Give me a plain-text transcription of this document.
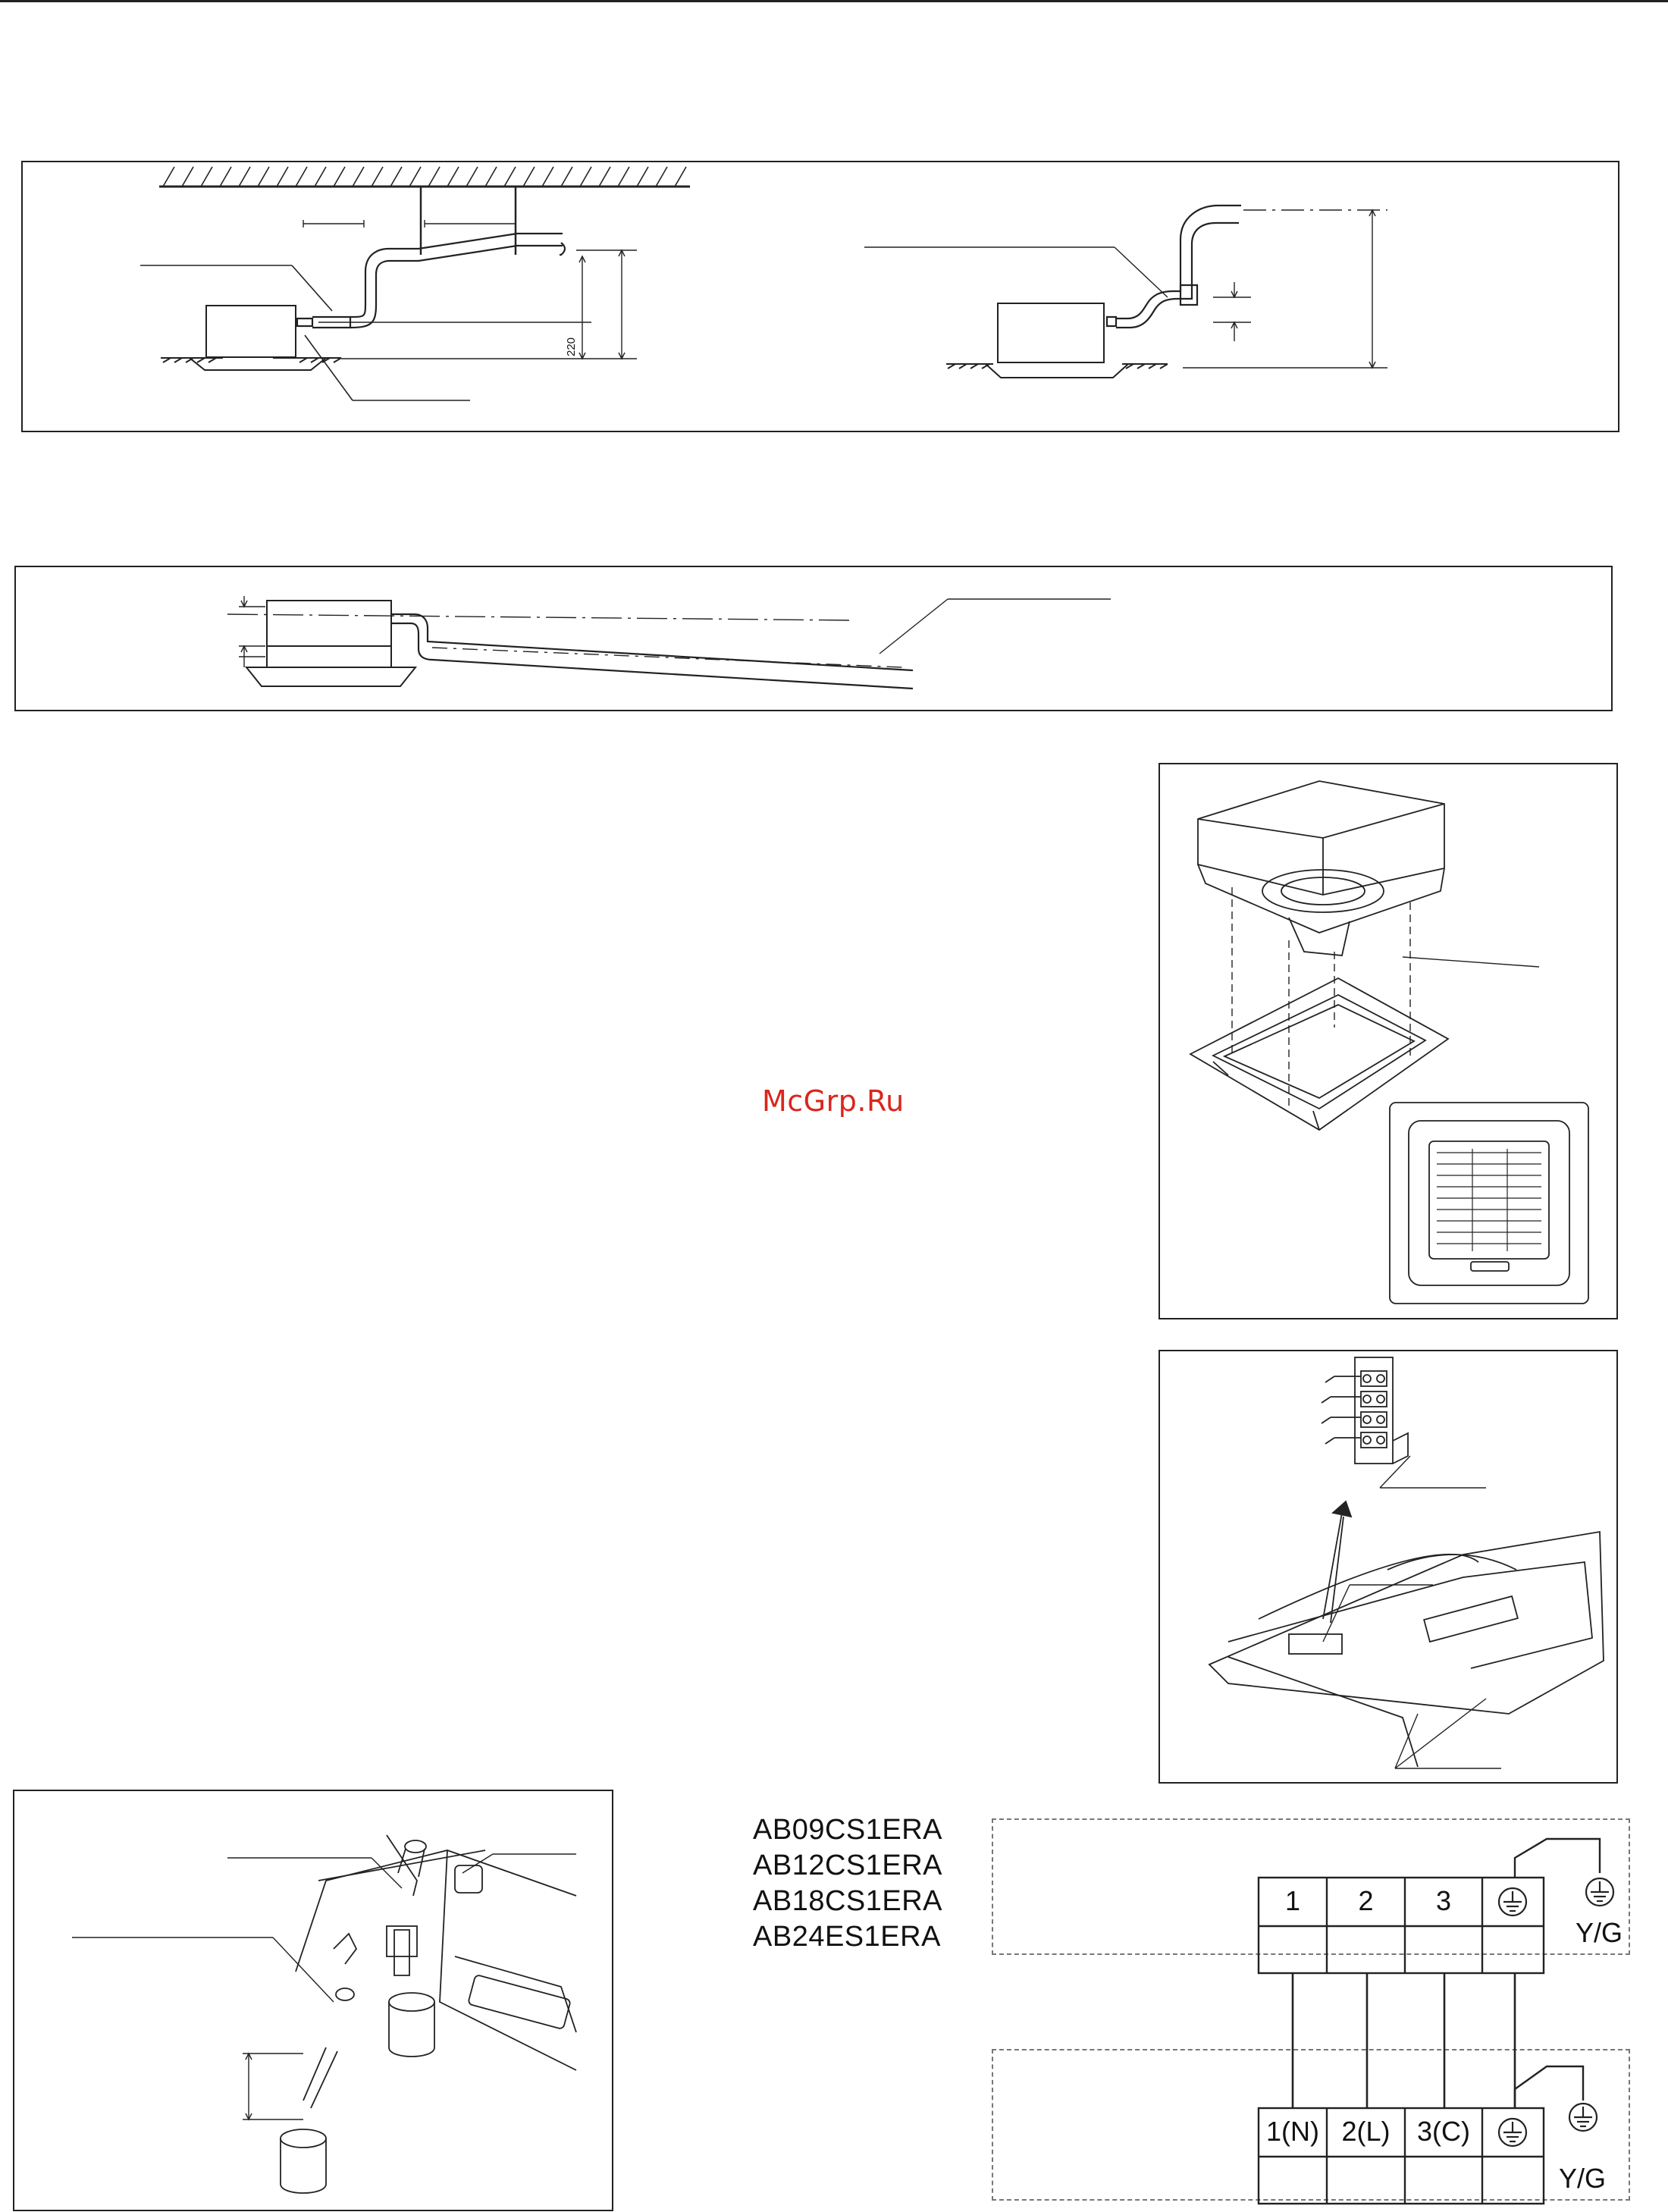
220
McGrp.Ru
AB09CS1ERA
AB12CS1ERA
AB18CS1ERA
AB24ES1ERA
1	2	3
Y/G
1(N) 2(L) 3(C)
Y/G
